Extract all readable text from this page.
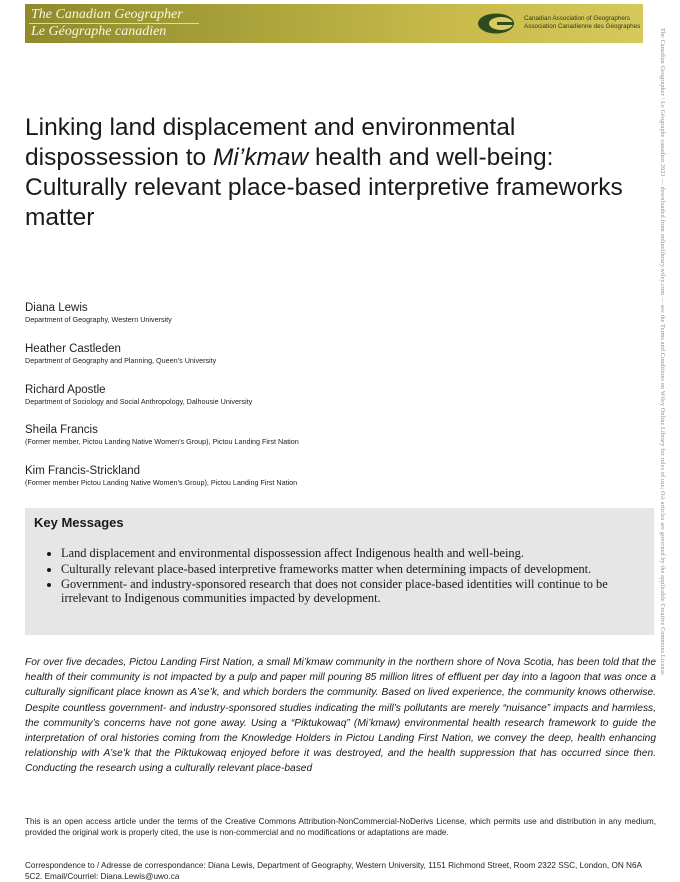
The Canadian Geographer
Le Géographe canadien
Canadian Association of Geographers
Association Canadienne des Géographes
The Canadian Geographer / Le Géographe canadien 2021 — downloaded from onlinelibrary.wiley.com — see the Terms and Conditions on Wiley Online Library for rules of use; OA articles are governed by the applicable Creative Commons License
Linking land displacement and environmental dispossession to Mi’kmaw health and well-being: Culturally relevant place-based interpretive frameworks matter
Diana Lewis
Department of Geography, Western University
Heather Castleden
Department of Geography and Planning, Queen’s University
Richard Apostle
Department of Sociology and Social Anthropology, Dalhousie University
Sheila Francis
(Former member, Pictou Landing Native Women’s Group), Pictou Landing First Nation
Kim Francis-Strickland
(Former member Pictou Landing Native Women’s Group), Pictou Landing First Nation
Key Messages
• Land displacement and environmental dispossession affect Indigenous health and well-being.
• Culturally relevant place-based interpretive frameworks matter when determining impacts of development.
• Government- and industry-sponsored research that does not consider place-based identities will continue to be irrelevant to Indigenous communities impacted by development.

For over five decades, Pictou Landing First Nation, a small Mi’kmaw community in the northern shore of Nova Scotia, has been told that the health of their community is not impacted by a pulp and paper mill pouring 85 million litres of effluent per day into a lagoon that was once a culturally significant place known as A’se’k, and which borders the community. Based on lived experience, the community knows otherwise. Despite countless government- and industry-sponsored studies indicating the mill’s pollutants are merely “nuisance” impacts and harmless, the community’s concerns have not gone away. Using a “Piktukowaq” (Mi’kmaw) environmental health research framework to guide the interpretation of oral histories coming from the Knowledge Holders in Pictou Landing First Nation, we convey the deep, health enhancing relationship with A’se’k that the Piktukowaq enjoyed before it was destroyed, and the health suppression that has occurred since then. Conducting the research using a culturally relevant place-based

This is an open access article under the terms of the Creative Commons Attribution-NonCommercial-NoDerivs License, which permits use and distribution in any medium, provided the original work is properly cited, the use is non-commercial and no modifications or adaptations are made.

Correspondence to / Adresse de correspondance: Diana Lewis, Department of Geography, Western University, 1151 Richmond Street, Room 2322 SSC, London, ON N6A 5C2. Email/Courriel: Diana.Lewis@uwo.ca
